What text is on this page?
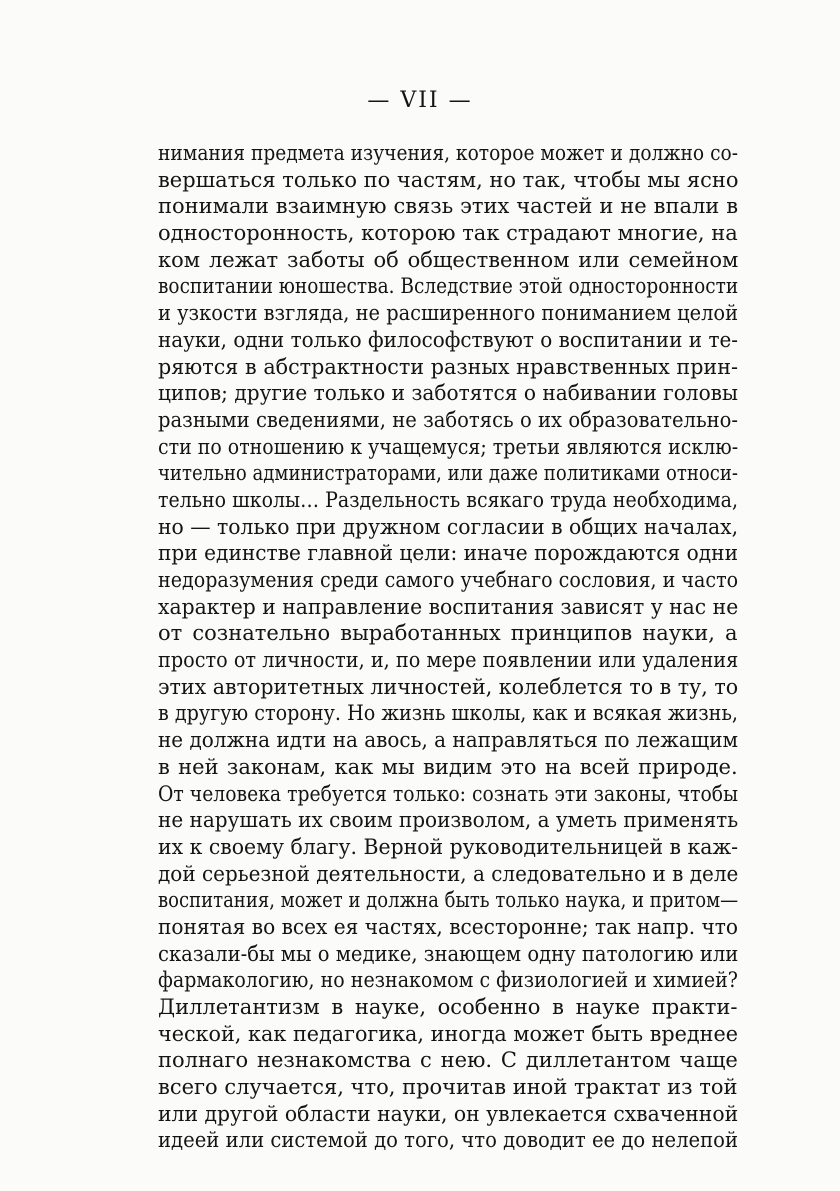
— VII —
нимания предмета изучения, которое может и должно со-
вершаться только по частям, но так, чтобы мы ясно
понимали взаимную связь этих частей и не впали в
односторонность, которою так страдают многие, на
ком лежат заботы об общественном или семейном
воспитании юношества. Вследствие этой односторонности
и узкости взгляда, не расширенного пониманием целой
науки, одни только философствуют о воспитании и те-
ряются в абстрактности разных нравственных прин-
ципов; другие только и заботятся о набивании головы
разными сведениями, не заботясь о их образовательно-
сти по отношению к учащемуся; третьи являются исклю-
чительно администраторами, или даже политиками относи-
тельно школы… Раздельность всякаго труда необходима,
но — только при дружном согласии в общих началах,
при единстве главной цели: иначе порождаются одни
недоразумения среди самого учебнаго сословия, и часто
характер и направление воспитания зависят у нас не
от сознательно выработанных принципов науки, а
просто от личности, и, по мере появлении или удаления
этих авторитетных личностей, колеблется то в ту, то
в другую сторону. Но жизнь школы, как и всякая жизнь,
не должна идти на авось, а направляться по лежащим
в ней законам, как мы видим это на всей природе.
От человека требуется только: сознать эти законы, чтобы
не нарушать их своим произволом, а уметь применять
их к своему благу. Верной руководительницей в каж-
дой серьезной деятельности, а следовательно и в деле
воспитания, может и должна быть только наука, и притом—
понятая во всех ея частях, всесторонне; так напр. что
сказали-бы мы о медике, знающем одну патологию или
фармакологию, но незнакомом с физиологией и химией?
Диллетантизм в науке, особенно в науке практи-
ческой, как педагогика, иногда может быть вреднее
полнаго незнакомства с нею. С диллетантом чаще
всего случается, что, прочитав иной трактат из той
или другой области науки, он увлекается схваченной
идеей или системой до того, что доводит ее до нелепой
